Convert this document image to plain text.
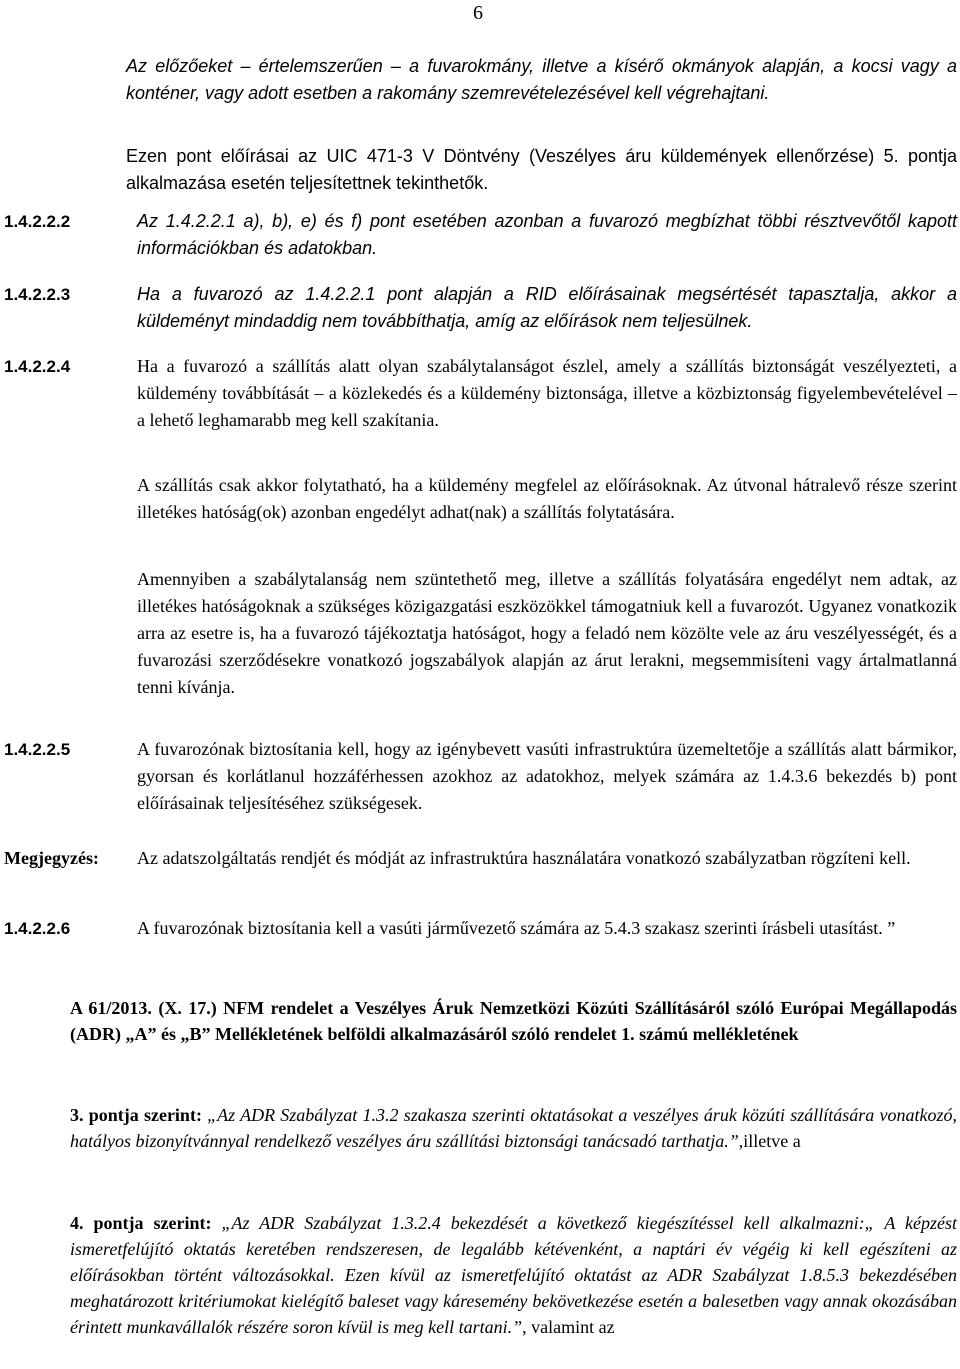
6
Az előzőeket – értelemszerűen – a fuvarokmány, illetve a kísérő okmányok alapján, a kocsi vagy a konténer, vagy adott esetben a rakomány szemrevételezésével kell végrehajtani.
Ezen pont előírásai az UIC 471-3 V Döntvény (Veszélyes áru küldemények ellenőrzése) 5. pontja alkalmazása esetén teljesítettnek tekinthetők.
1.4.2.2.2	Az 1.4.2.2.1 a), b), e) és f) pont esetében azonban a fuvarozó megbízhat többi résztvevőtől kapott információkban és adatokban.
1.4.2.2.3	Ha a fuvarozó az 1.4.2.2.1 pont alapján a RID előírásainak megsértését tapasztalja, akkor a küldeményt mindaddig nem továbbíthatja, amíg az előírások nem teljesülnek.
1.4.2.2.4	Ha a fuvarozó a szállítás alatt olyan szabálytalanságot észlel, amely a szállítás biztonságát veszélyezteti, a küldemény továbbítását – a közlekedés és a küldemény biztonsága, illetve a közbiztonság figyelembevételével – a lehető leghamarabb meg kell szakítania.
A szállítás csak akkor folytatható, ha a küldemény megfelel az előírásoknak. Az útvonal hátralevő része szerint illetékes hatóság(ok) azonban engedélyt adhat(nak) a szállítás folytatására.
Amennyiben a szabálytalanság nem szüntethető meg, illetve a szállítás folyatására engedélyt nem adtak, az illetékes hatóságoknak a szükséges közigazgatási eszközökkel támogatniuk kell a fuvarozót. Ugyanez vonatkozik arra az esetre is, ha a fuvarozó tájékoztatja hatóságot, hogy a feladó nem közölte vele az áru veszélyességét, és a fuvarozási szerződésekre vonatkozó jogszabályok alapján az árut lerakni, megsemmisíteni vagy ártalmatlanná tenni kívánja.
1.4.2.2.5	A fuvarozónak biztosítania kell, hogy az igénybevett vasúti infrastruktúra üzemeltetője a szállítás alatt bármikor, gyorsan és korlátlanul hozzáférhessen azokhoz az adatokhoz, melyek számára az 1.4.3.6 bekezdés b) pont előírásainak teljesítéséhez szükségesek.
Megjegyzés: Az adatszolgáltatás rendjét és módját az infrastruktúra használatára vonatkozó szabályzatban rögzíteni kell.
1.4.2.2.6	A fuvarozónak biztosítania kell a vasúti járművezető számára az 5.4.3 szakasz szerinti írásbeli utasítást. ”
A 61/2013. (X. 17.) NFM rendelet a Veszélyes Áruk Nemzetközi Közúti Szállításáról szóló Európai Megállapodás (ADR) „A” és „B” Mellékletének belföldi alkalmazásáról szóló rendelet 1. számú mellékletének
3. pontja szerint: „Az ADR Szabályzat 1.3.2 szakasza szerinti oktatásokat a veszélyes áruk közúti szállítására vonatkozó, hatályos bizonyítvánnyal rendelkező veszélyes áru szállítási biztonsági tanácsadó tarthatja.”,illetve a
4. pontja szerint: „Az ADR Szabályzat 1.3.2.4 bekezdését a következő kiegészítéssel kell alkalmazni:„ A képzést ismeretfelújító oktatás keretében rendszeresen, de legalább kétévenként, a naptári év végéig ki kell egészíteni az előírásokban történt változásokkal. Ezen kívül az ismeretfelújító oktatást az ADR Szabályzat 1.8.5.3 bekezdésében meghatározott kritériumokat kielégítő baleset vagy káresemény bekövetkezése esetén a balesetben vagy annak okozásában érintett munkavállalók részére soron kívül is meg kell tartani.”, valamint az
